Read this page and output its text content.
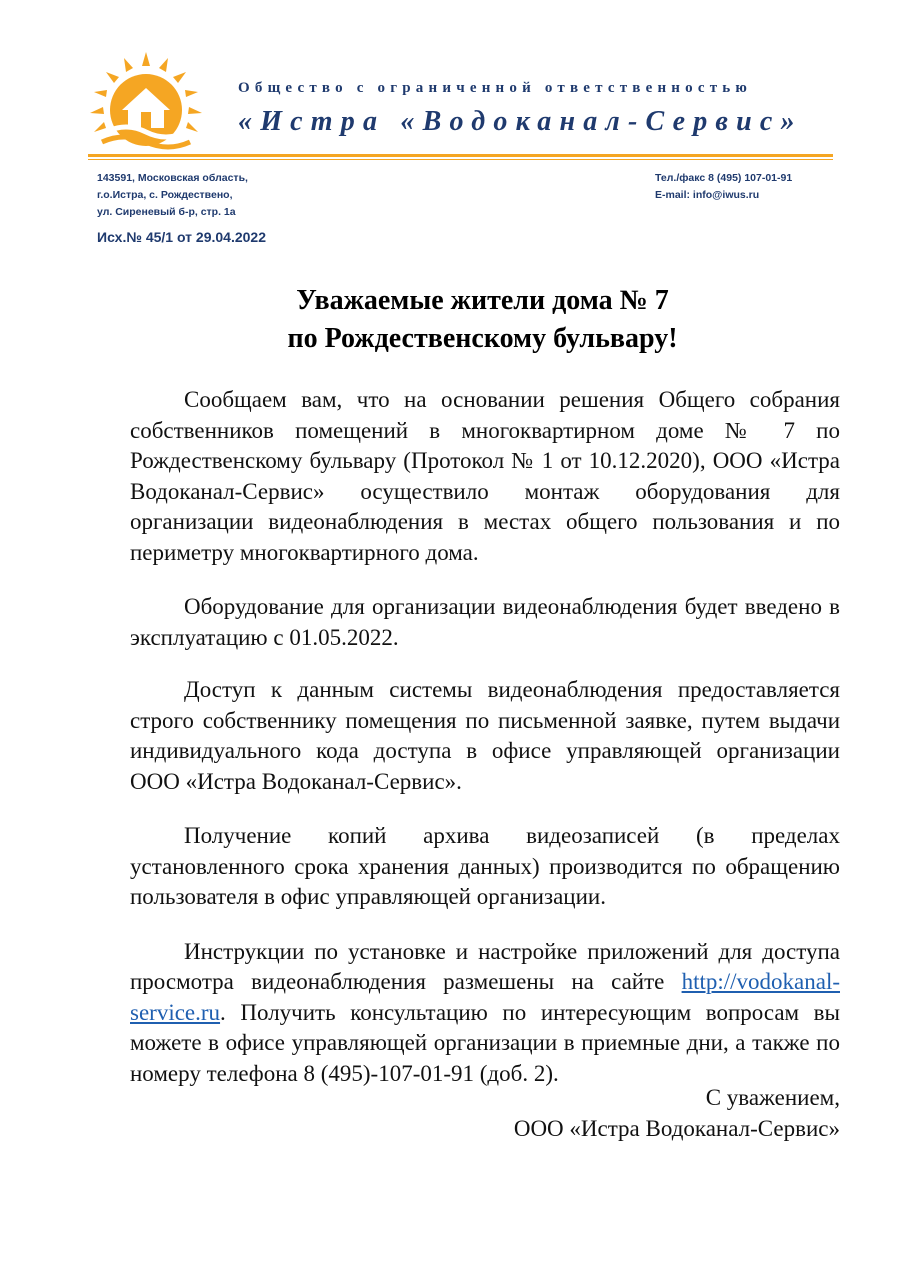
Общество с ограниченной ответственностью
«Истра «Водоканал-Сервис»
143591, Московская область,
г.о.Истра, с. Рождествено,
ул. Сиреневый б-р, стр. 1а
Тел./факс 8 (495) 107-01-91
E-mail: info@iwus.ru
Исх.№ 45/1 от 29.04.2022
Уважаемые жители дома № 7
по Рождественскому бульвару!

Сообщаем вам, что на основании решения Общего собрания собственников помещений в многоквартирном доме № 7 по Рождественскому бульвару (Протокол № 1 от 10.12.2020), ООО «Истра Водоканал-Сервис» осуществило монтаж оборудования для организации видеонаблюдения в местах общего пользования и по периметру многоквартирного дома.

Оборудование для организации видеонаблюдения будет введено в эксплуатацию с 01.05.2022.

Доступ к данным системы видеонаблюдения предоставляется строго собственнику помещения по письменной заявке, путем выдачи индивидуального кода доступа в офисе управляющей организации ООО «Истра Водоканал-Сервис».

Получение копий архива видеозаписей (в пределах установленного срока хранения данных) производится по обращению пользователя в офис управляющей организации.

Инструкции по установке и настройке приложений для доступа просмотра видеонаблюдения размешены на сайте http://vodokanal-service.ru. Получить консультацию по интересующим вопросам вы можете в офисе управляющей организации в приемные дни, а также по номеру телефона 8 (495)-107-01-91 (доб. 2).

С уважением,
ООО «Истра Водоканал-Сервис»
